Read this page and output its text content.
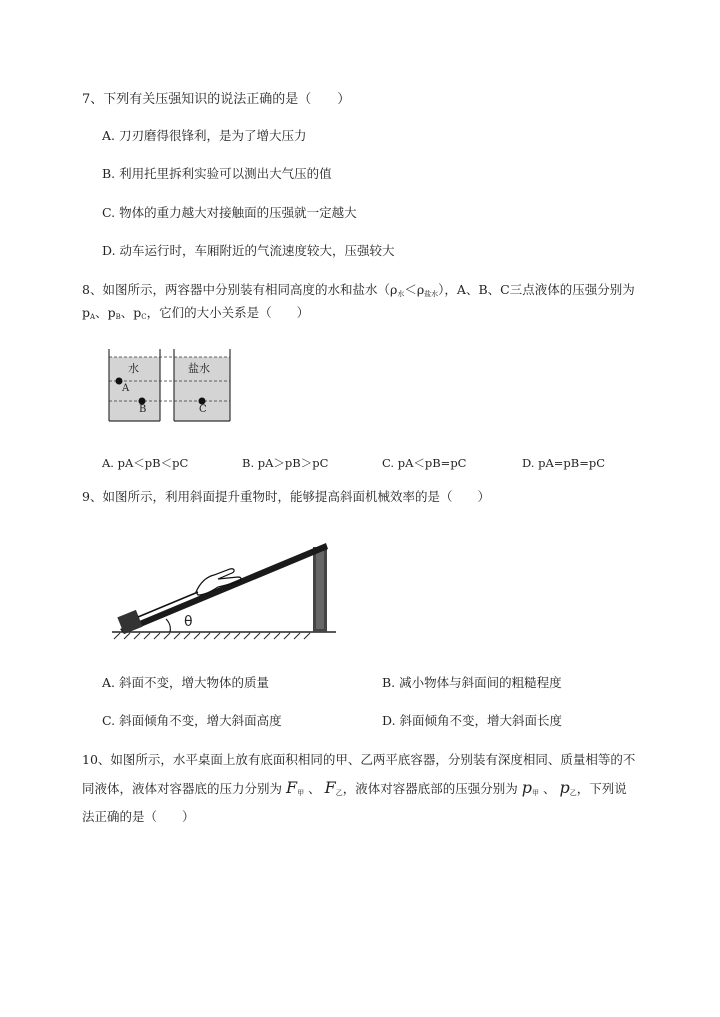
7、下列有关压强知识的说法正确的是（　　）
A. 刀刃磨得很锋利，是为了增大压力
B. 利用托里拆利实验可以测出大气压的值
C. 物体的重力越大对接触面的压强就一定越大
D. 动车运行时，车厢附近的气流速度较大，压强较大
8、如图所示，两容器中分别装有相同高度的水和盐水$(\rho_水<\rho_{盐水})$，A、B、C三点液体的压强分别为
$p_A$、$p_B$、$p_C$，它们的大小关系是（　　）
水	盐水
A
B	C
A. pA＜pB＜pC	B. pA＞pB＞pC	C. pA＜pB=pC	D. pA=pB=pC
9、如图所示，利用斜面提升重物时，能够提高斜面机械效率的是（　　）
θ
A. 斜面不变，增大物体的质量	B. 减小物体与斜面间的粗糙程度
C. 斜面倾角不变，增大斜面高度	D. 斜面倾角不变，增大斜面长度
10、如图所示，水平桌面上放有底面积相同的甲、乙两平底容器，分别装有深度相同、质量相等的不
同液体，液体对容器底的压力分别为 $F_甲$ 、 $F_乙$，液体对容器底部的压强分别为 $p_甲$ 、 $p_乙$，下列说
法正确的是（　　）
